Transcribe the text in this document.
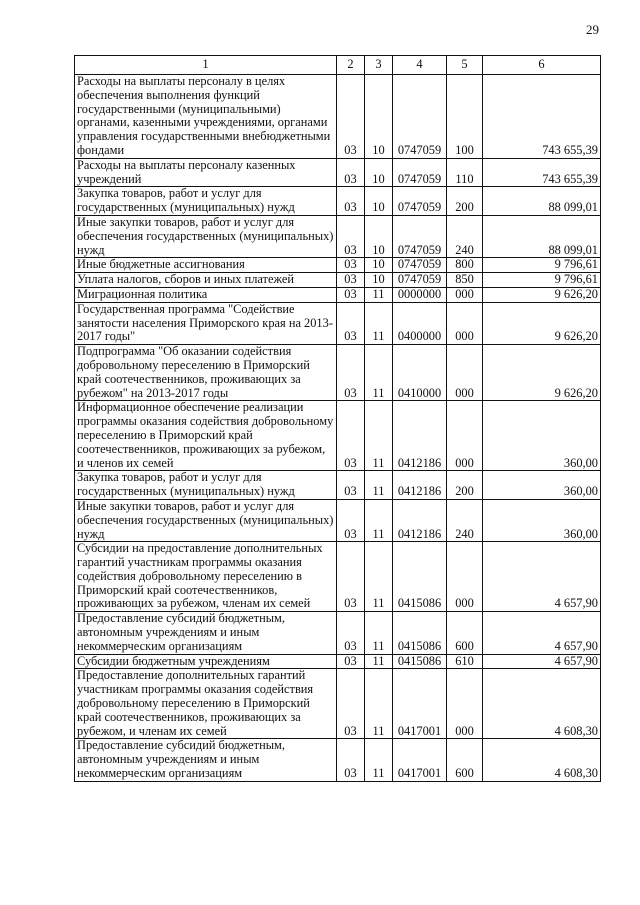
29
1	2	3	4	5	6
Расходы на выплаты персоналу в целях обеспечения выполнения функций государственными (муниципальными) органами, казенными учреждениями, органами управления государственными внебюджетными фондами	03	10	0747059	100	743 655,39
Расходы на выплаты персоналу казенных учреждений	03	10	0747059	110	743 655,39
Закупка товаров, работ и услуг для государственных (муниципальных) нужд	03	10	0747059	200	88 099,01
Иные закупки товаров, работ и услуг для обеспечения государственных (муниципальных) нужд	03	10	0747059	240	88 099,01
Иные бюджетные ассигнования	03	10	0747059	800	9 796,61
Уплата налогов, сборов и иных платежей	03	10	0747059	850	9 796,61
Миграционная политика	03	11	0000000	000	9 626,20
Государственная программа "Содействие занятости населения Приморского края на 2013-2017 годы"	03	11	0400000	000	9 626,20
Подпрограмма "Об оказании содействия добровольному переселению в Приморский край соотечественников, проживающих за рубежом" на 2013-2017 годы	03	11	0410000	000	9 626,20
Информационное обеспечение реализации программы оказания содействия добровольному переселению в Приморский край соотечественников, проживающих за рубежом, и членов их семей	03	11	0412186	000	360,00
Закупка товаров, работ и услуг для государственных (муниципальных) нужд	03	11	0412186	200	360,00
Иные закупки товаров, работ и услуг для обеспечения государственных (муниципальных) нужд	03	11	0412186	240	360,00
Субсидии на предоставление дополнительных гарантий участникам программы оказания содействия добровольному переселению в Приморский край соотечественников, проживающих за рубежом, членам их семей	03	11	0415086	000	4 657,90
Предоставление субсидий бюджетным, автономным учреждениям и иным некоммерческим организациям	03	11	0415086	600	4 657,90
Субсидии бюджетным учреждениям	03	11	0415086	610	4 657,90
Предоставление дополнительных гарантий участникам программы оказания содействия добровольному переселению в Приморский край соотечественников, проживающих за рубежом, и членам их семей	03	11	0417001	000	4 608,30
Предоставление субсидий бюджетным, автономным учреждениям и иным некоммерческим организациям	03	11	0417001	600	4 608,30
